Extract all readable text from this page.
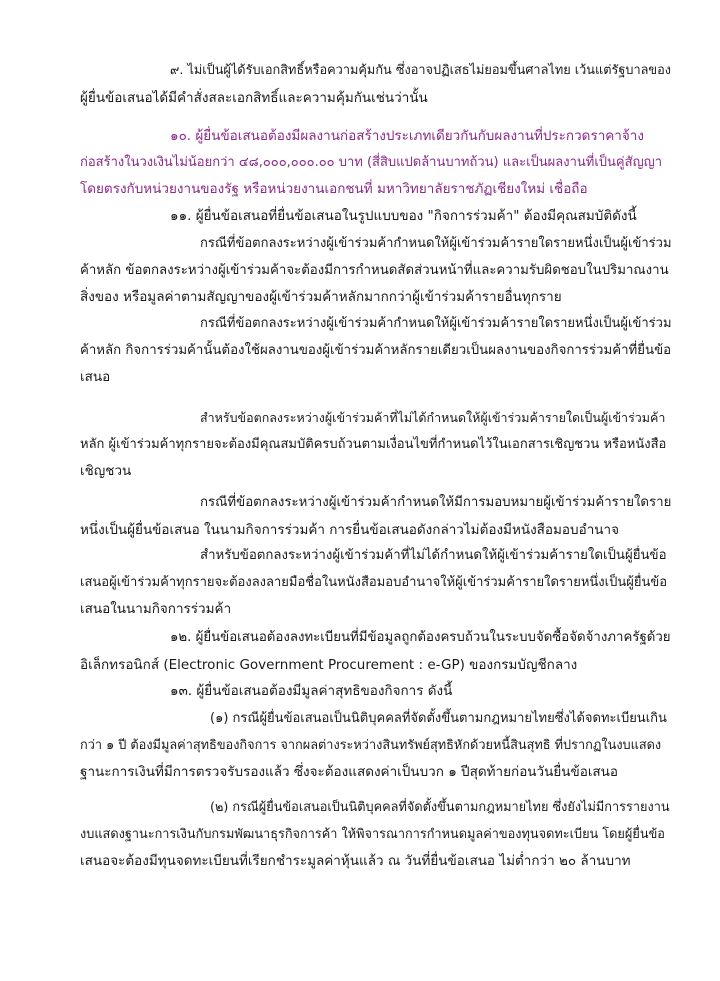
๙. ไม่เป็นผู้ได้รับเอกสิทธิ์หรือความคุ้มกัน ซึ่งอาจปฏิเสธไม่ยอมขึ้นศาลไทย เว้นแต่รัฐบาลของ
ผู้ยื่นข้อเสนอได้มีคำสั่งสละเอกสิทธิ์และความคุ้มกันเช่นว่านั้น
๑๐. ผู้ยื่นข้อเสนอต้องมีผลงานก่อสร้างประเภทเดียวกันกับผลงานที่ประกวดราคาจ้าง
ก่อสร้างในวงเงินไม่น้อยกว่า ๔๘,๐๐๐,๐๐๐.๐๐ บาท (สี่สิบแปดล้านบาทถ้วน) และเป็นผลงานที่เป็นคู่สัญญา
โดยตรงกับหน่วยงานของรัฐ หรือหน่วยงานเอกชนที่ มหาวิทยาลัยราชภัฏเชียงใหม่ เชื่อถือ
๑๑. ผู้ยื่นข้อเสนอที่ยื่นข้อเสนอในรูปแบบของ "กิจการร่วมค้า" ต้องมีคุณสมบัติดังนี้
กรณีที่ข้อตกลงระหว่างผู้เข้าร่วมค้ากำหนดให้ผู้เข้าร่วมค้ารายใดรายหนึ่งเป็นผู้เข้าร่วม
ค้าหลัก ข้อตกลงระหว่างผู้เข้าร่วมค้าจะต้องมีการกำหนดสัดส่วนหน้าที่และความรับผิดชอบในปริมาณงาน
สิ่งของ หรือมูลค่าตามสัญญาของผู้เข้าร่วมค้าหลักมากกว่าผู้เข้าร่วมค้ารายอื่นทุกราย
กรณีที่ข้อตกลงระหว่างผู้เข้าร่วมค้ากำหนดให้ผู้เข้าร่วมค้ารายใดรายหนึ่งเป็นผู้เข้าร่วม
ค้าหลัก กิจการร่วมค้านั้นต้องใช้ผลงานของผู้เข้าร่วมค้าหลักรายเดียวเป็นผลงานของกิจการร่วมค้าที่ยื่นข้อ
เสนอ
สำหรับข้อตกลงระหว่างผู้เข้าร่วมค้าที่ไม่ได้กำหนดให้ผู้เข้าร่วมค้ารายใดเป็นผู้เข้าร่วมค้า
หลัก ผู้เข้าร่วมค้าทุกรายจะต้องมีคุณสมบัติครบถ้วนตามเงื่อนไขที่กำหนดไว้ในเอกสารเชิญชวน หรือหนังสือ
เชิญชวน
กรณีที่ข้อตกลงระหว่างผู้เข้าร่วมค้ากำหนดให้มีการมอบหมายผู้เข้าร่วมค้ารายใดราย
หนึ่งเป็นผู้ยื่นข้อเสนอ ในนามกิจการร่วมค้า การยื่นข้อเสนอดังกล่าวไม่ต้องมีหนังสือมอบอำนาจ
สำหรับข้อตกลงระหว่างผู้เข้าร่วมค้าที่ไม่ได้กำหนดให้ผู้เข้าร่วมค้ารายใดเป็นผู้ยื่นข้อ
เสนอผู้เข้าร่วมค้าทุกรายจะต้องลงลายมือชื่อในหนังสือมอบอำนาจให้ผู้เข้าร่วมค้ารายใดรายหนึ่งเป็นผู้ยื่นข้อ
เสนอในนามกิจการร่วมค้า
๑๒. ผู้ยื่นข้อเสนอต้องลงทะเบียนที่มีข้อมูลถูกต้องครบถ้วนในระบบจัดซื้อจัดจ้างภาครัฐด้วย
อิเล็กทรอนิกส์ (Electronic Government Procurement : e-GP) ของกรมบัญชีกลาง
๑๓. ผู้ยื่นข้อเสนอต้องมีมูลค่าสุทธิของกิจการ ดังนี้
(๑) กรณีผู้ยื่นข้อเสนอเป็นนิติบุคคลที่จัดตั้งขึ้นตามกฎหมายไทยซึ่งได้จดทะเบียนเกิน
กว่า ๑ ปี ต้องมีมูลค่าสุทธิของกิจการ จากผลต่างระหว่างสินทรัพย์สุทธิหักด้วยหนี้สินสุทธิ ที่ปรากฏในงบแสดง
ฐานะการเงินที่มีการตรวจรับรองแล้ว ซึ่งจะต้องแสดงค่าเป็นบวก ๑ ปีสุดท้ายก่อนวันยื่นข้อเสนอ
(๒) กรณีผู้ยื่นข้อเสนอเป็นนิติบุคคลที่จัดตั้งขึ้นตามกฎหมายไทย ซึ่งยังไม่มีการรายงาน
งบแสดงฐานะการเงินกับกรมพัฒนาธุรกิจการค้า ให้พิจารณาการกำหนดมูลค่าของทุนจดทะเบียน โดยผู้ยื่นข้อ
เสนอจะต้องมีทุนจดทะเบียนที่เรียกชำระมูลค่าหุ้นแล้ว ณ วันที่ยื่นข้อเสนอ ไม่ต่ำกว่า ๒๐ ล้านบาท
